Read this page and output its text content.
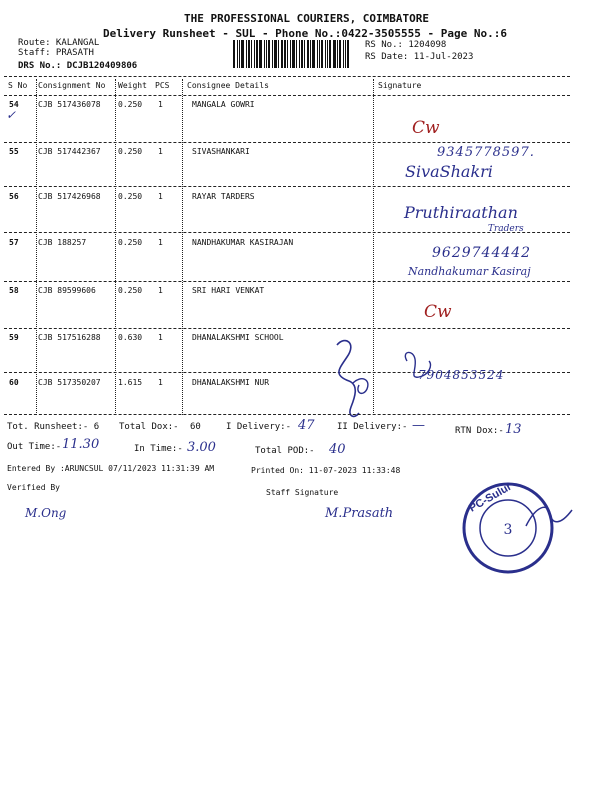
THE PROFESSIONAL COURIERS, COIMBATORE
Delivery Runsheet - SUL - Phone No.:0422-3505555 - Page No.:6
Route: KALANGAL
Staff: PRASATH
DRS No.: DCJB120409806
RS No.: 1204098
RS Date: 11-Jul-2023
S No Consignment No Weight PCS Consignee Details	Signature
54 CJB 517436078 0.250 1	MANGALA GOWRI
✓
Cw
55 CJB 517442367 0.250 1	SIVASHANKARI	9345778597.
SivaShakri
56 CJB 517426968 0.250 1	RAYAR TARDERS
Pruthiraathan
Traders
57 CJB 188257	0.250 1	NANDHAKUMAR KASIRAJAN
9629744442
Nandhakumar Kasiraj
58 CJB 89599606	0.250 1	SRI HARI VENKAT
Cw
59 CJB 517516288 0.630 1	DHANALAKSHMI SCHOOL
60 CJB 517350207 1.615 1	DHANALAKSHMI NUR
7904853524
Tot. Runsheet:- 6 Total Dox:- 60	I Delivery:- 47 II Delivery:- —	RTN Dox:- 13
Out Time:- 11.30	In Time:- 3.00	Total POD:- 40
Entered By :ARUNCSUL 07/11/2023 11:31:39 AM	Printed On: 11-07-2023 11:33:48
Verified By
M.Ong
Staff Signature
M.Prasath	PC-Sulur
3
